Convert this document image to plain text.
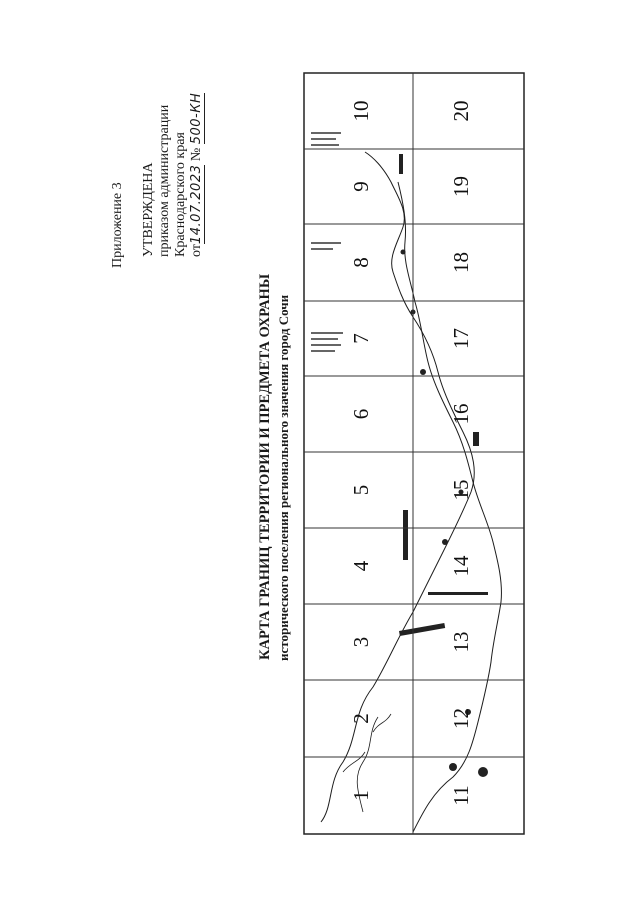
Приложение 3 УТВЕРЖДЕНА приказом администрации Краснодарского края от14.07.2023 № 500-КН
КАРТА ГРАНИЦ ТЕРРИТОРИИ И ПРЕДМЕТА ОХРАНЫ исторического поселения регионального значения город Сочи
1
2
3
4
5
6
7
8
9
10
11
12
13
14
15
16
17
18
19
20
